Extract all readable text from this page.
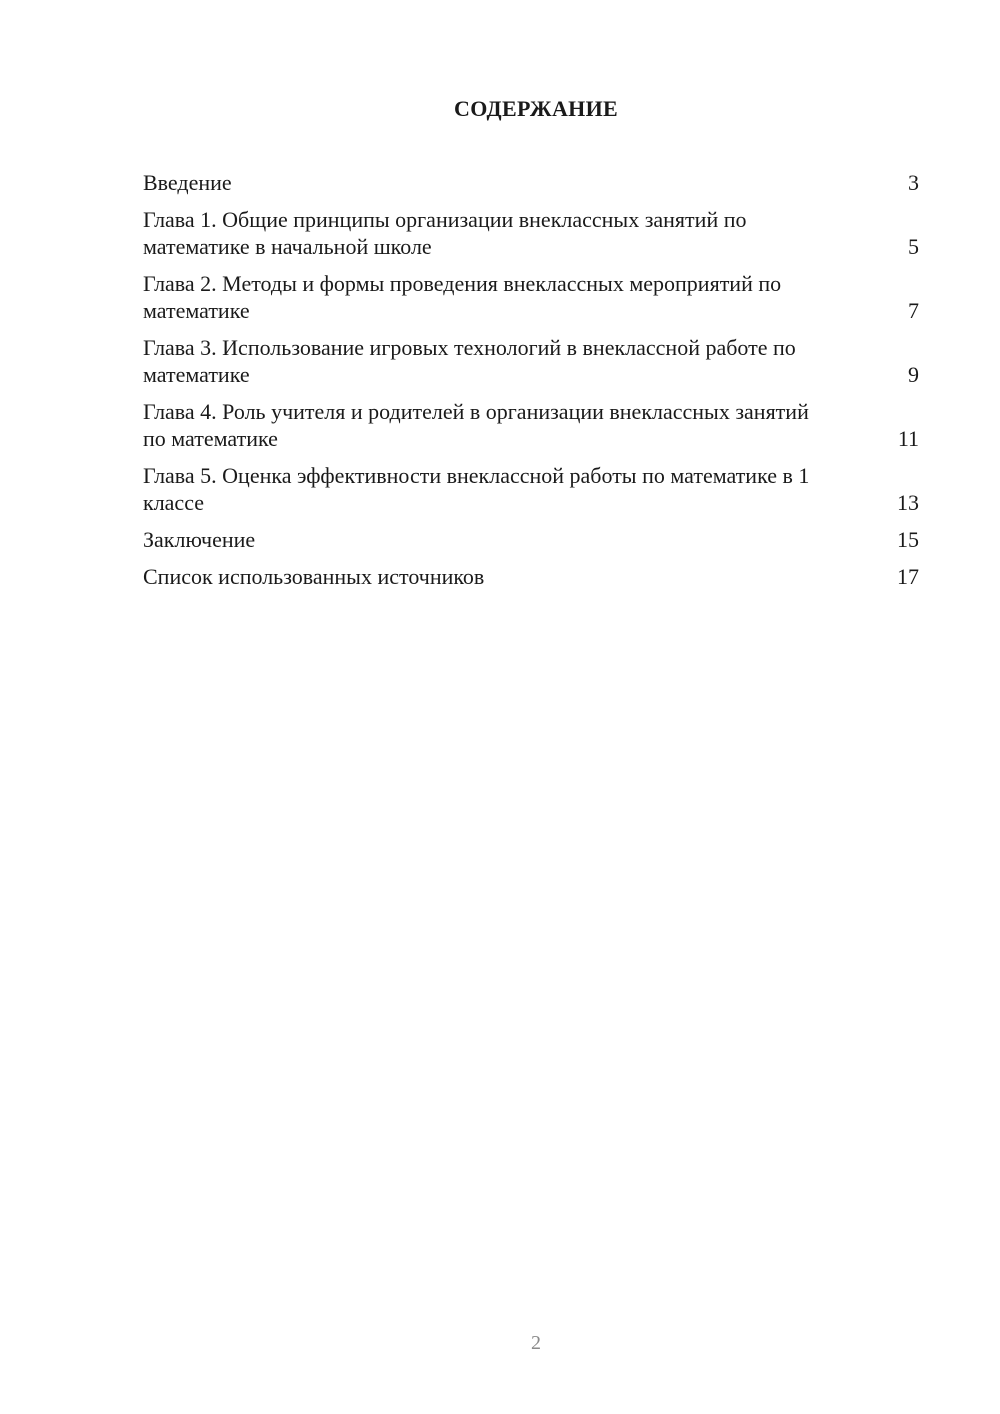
СОДЕРЖАНИЕ
Введение	3
Глава 1. Общие принципы организации внеклассных занятий по математике в начальной школе	5
Глава 2. Методы и формы проведения внеклассных мероприятий по математике	7
Глава 3. Использование игровых технологий в внеклассной работе по математике	9
Глава 4. Роль учителя и родителей в организации внеклассных занятий по математике	11
Глава 5. Оценка эффективности внеклассной работы по математике в 1 классе	13
Заключение	15
Список использованных источников	17
2
